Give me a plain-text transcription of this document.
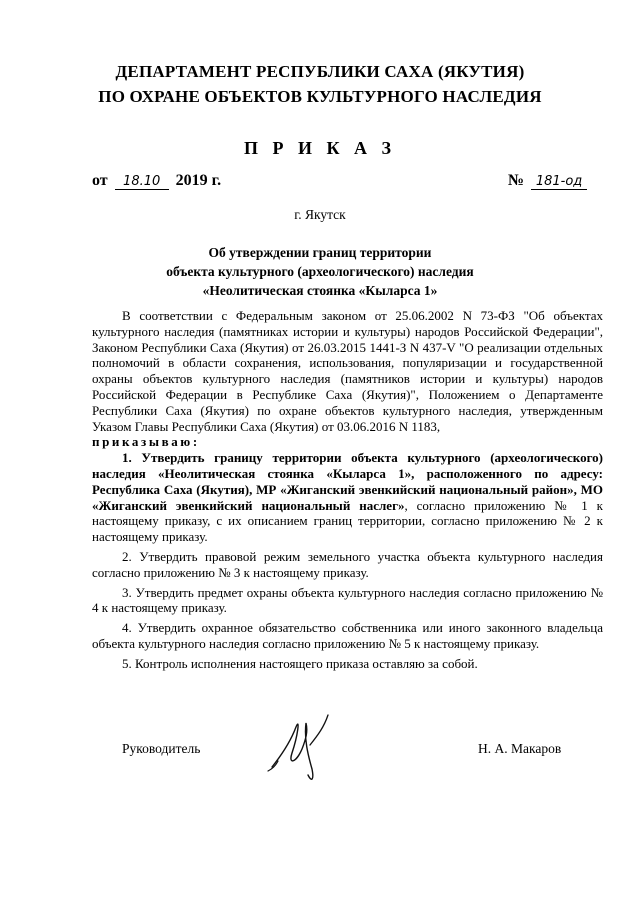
ДЕПАРТАМЕНТ РЕСПУБЛИКИ САХА (ЯКУТИЯ)
ПО ОХРАНЕ ОБЪЕКТОВ КУЛЬТУРНОГО НАСЛЕДИЯ
П Р И К А З
от 18.10 2019 г.	№ 181-од
г. Якутск
Об утверждении границ территории
объекта культурного (археологического) наследия
«Неолитическая стоянка «Кыларса 1»

В соответствии с Федеральным законом от 25.06.2002 N 73-ФЗ "Об объектах культурного наследия (памятниках истории и культуры) народов Российской Федерации", Законом Республики Саха (Якутия) от 26.03.2015 1441-З N 437-V "О реализации отдельных полномочий в области сохранения, использования, популяризации и государственной охраны объектов культурного наследия (памятников истории и культуры) народов Российской Федерации в Республике Саха (Якутия)", Положением о Департаменте Республики Саха (Якутия) по охране объектов культурного наследия, утвержденным Указом Главы Республики Саха (Якутия) от 03.06.2016 N 1183,

приказываю:

1. Утвердить границу территории объекта культурного (археологического) наследия «Неолитическая стоянка «Кыларса 1», расположенного по адресу: Республика Саха (Якутия), МР «Жиганский эвенкийский национальный район», МО «Жиганский эвенкийский национальный наслег», согласно приложению № 1 к настоящему приказу, с их описанием границ территории, согласно приложению № 2 к настоящему приказу.

2. Утвердить правовой режим земельного участка объекта культурного наследия согласно приложению № 3 к настоящему приказу.

3. Утвердить предмет охраны объекта культурного наследия согласно приложению № 4 к настоящему приказу.

4. Утвердить охранное обязательство собственника или иного законного владельца объекта культурного наследия согласно приложению № 5 к настоящему приказу.

5. Контроль исполнения настоящего приказа оставляю за собой.

Руководитель	Н. А. Макаров
